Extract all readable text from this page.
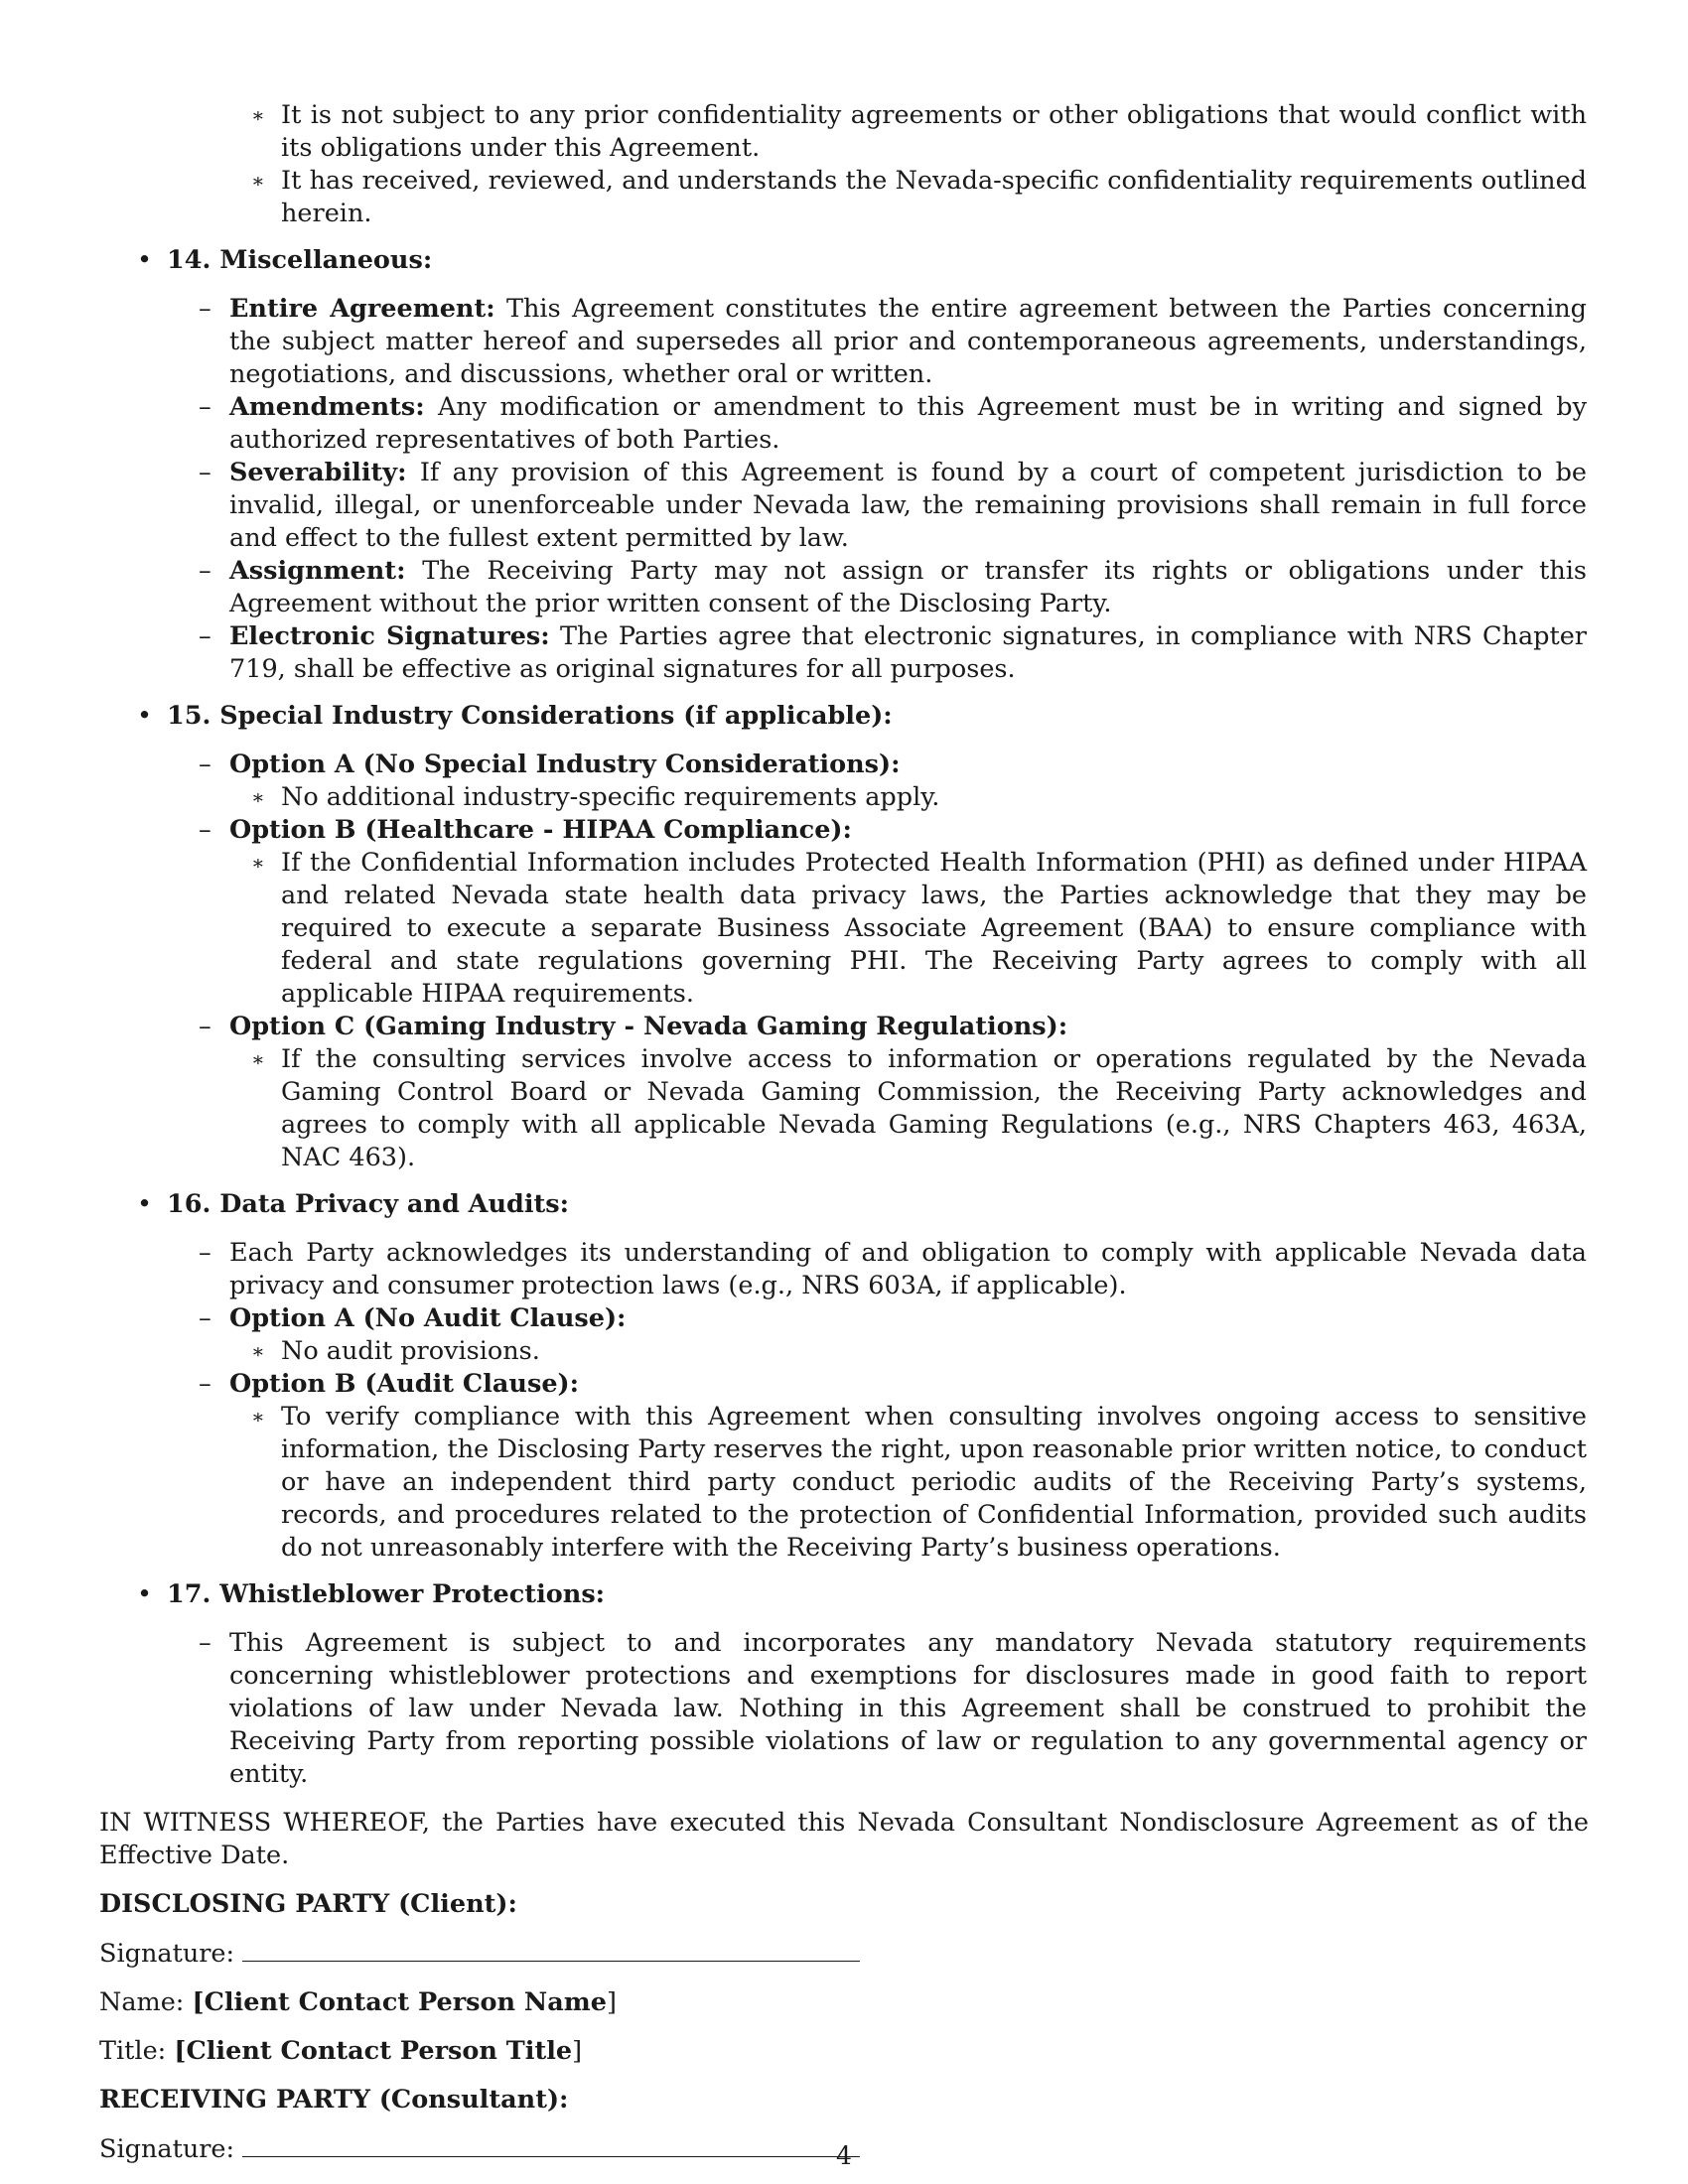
∗ It is not subject to any prior confidentiality agreements or other obligations that would conflict with its obligations under this Agreement.
∗ It has received, reviewed, and understands the Nevada-specific confidentiality requirements outlined herein.
• 14. Miscellaneous:
– Entire Agreement: This Agreement constitutes the entire agreement between the Parties concerning the subject matter hereof and supersedes all prior and contemporaneous agreements, understandings, negotiations, and discussions, whether oral or written.
– Amendments: Any modification or amendment to this Agreement must be in writing and signed by authorized representatives of both Parties.
– Severability: If any provision of this Agreement is found by a court of competent jurisdiction to be invalid, illegal, or unenforceable under Nevada law, the remaining provisions shall remain in full force and effect to the fullest extent permitted by law.
– Assignment: The Receiving Party may not assign or transfer its rights or obligations under this Agreement without the prior written consent of the Disclosing Party.
– Electronic Signatures: The Parties agree that electronic signatures, in compliance with NRS Chapter 719, shall be effective as original signatures for all purposes.
• 15. Special Industry Considerations (if applicable):
– Option A (No Special Industry Considerations):
∗ No additional industry-specific requirements apply.
– Option B (Healthcare - HIPAA Compliance):
∗ If the Confidential Information includes Protected Health Information (PHI) as defined under HIPAA and related Nevada state health data privacy laws, the Parties acknowledge that they may be required to execute a separate Business Associate Agreement (BAA) to ensure compliance with federal and state regulations governing PHI. The Receiving Party agrees to comply with all applicable HIPAA requirements.
– Option C (Gaming Industry - Nevada Gaming Regulations):
∗ If the consulting services involve access to information or operations regulated by the Nevada Gaming Control Board or Nevada Gaming Commission, the Receiving Party acknowledges and agrees to comply with all applicable Nevada Gaming Regulations (e.g., NRS Chapters 463, 463A, NAC 463).
• 16. Data Privacy and Audits:
– Each Party acknowledges its understanding of and obligation to comply with applicable Nevada data privacy and consumer protection laws (e.g., NRS 603A, if applicable).
– Option A (No Audit Clause):
∗ No audit provisions.
– Option B (Audit Clause):
∗ To verify compliance with this Agreement when consulting involves ongoing access to sensitive information, the Disclosing Party reserves the right, upon reasonable prior written notice, to conduct or have an independent third party conduct periodic audits of the Receiving Party’s systems, records, and procedures related to the protection of Confidential Information, provided such audits do not unreasonably interfere with the Receiving Party’s business operations.
• 17. Whistleblower Protections:
– This Agreement is subject to and incorporates any mandatory Nevada statutory requirements concerning whistleblower protections and exemptions for disclosures made in good faith to report violations of law under Nevada law. Nothing in this Agreement shall be construed to prohibit the Receiving Party from reporting possible violations of law or regulation to any governmental agency or entity.
IN WITNESS WHEREOF, the Parties have executed this Nevada Consultant Nondisclosure Agreement as of the Effective Date.
DISCLOSING PARTY (Client):
Signature:
Name: [Client Contact Person Name]
Title: [Client Contact Person Title]
RECEIVING PARTY (Consultant):
Signature:	4
